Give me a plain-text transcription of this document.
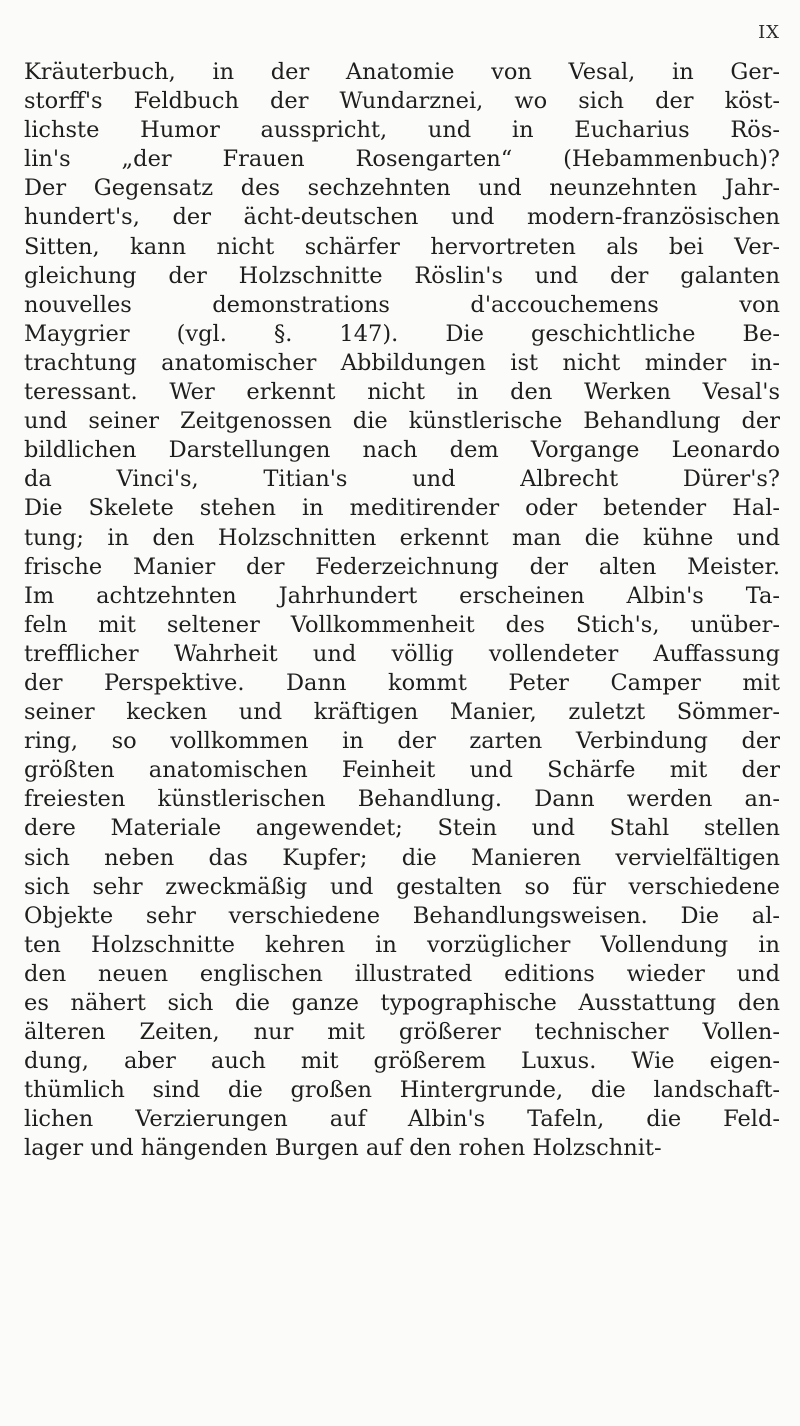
IX
Kräuterbuch, in der Anatomie von Vesal, in Ger-
storff's Feldbuch der Wundarznei, wo sich der köst-
lichste Humor ausspricht, und in Eucharius Rös-
lin's „der Frauen Rosengarten“ (Hebammenbuch)?
Der Gegensatz des sechzehnten und neunzehnten Jahr-
hundert's, der ächt-deutschen und modern-französischen
Sitten, kann nicht schärfer hervortreten als bei Ver-
gleichung der Holzschnitte Röslin's und der galanten
nouvelles demonstrations d'accouchemens von
Maygrier (vgl. §. 147). Die geschichtliche Be-
trachtung anatomischer Abbildungen ist nicht minder in-
teressant. Wer erkennt nicht in den Werken Vesal's
und seiner Zeitgenossen die künstlerische Behandlung der
bildlichen Darstellungen nach dem Vorgange Leonardo
da Vinci's, Titian's und Albrecht Dürer's?
Die Skelete stehen in meditirender oder betender Hal-
tung; in den Holzschnitten erkennt man die kühne und
frische Manier der Federzeichnung der alten Meister.
Im achtzehnten Jahrhundert erscheinen Albin's Ta-
feln mit seltener Vollkommenheit des Stich's, unüber-
trefflicher Wahrheit und völlig vollendeter Auffassung
der Perspektive. Dann kommt Peter Camper mit
seiner kecken und kräftigen Manier, zuletzt Sömmer-
ring, so vollkommen in der zarten Verbindung der
größten anatomischen Feinheit und Schärfe mit der
freiesten künstlerischen Behandlung. Dann werden an-
dere Materiale angewendet; Stein und Stahl stellen
sich neben das Kupfer; die Manieren vervielfältigen
sich sehr zweckmäßig und gestalten so für verschiedene
Objekte sehr verschiedene Behandlungsweisen. Die al-
ten Holzschnitte kehren in vorzüglicher Vollendung in
den neuen englischen illustrated editions wieder und
es nähert sich die ganze typographische Ausstattung den
älteren Zeiten, nur mit größerer technischer Vollen-
dung, aber auch mit größerem Luxus. Wie eigen-
thümlich sind die großen Hintergrunde, die landschaft-
lichen Verzierungen auf Albin's Tafeln, die Feld-
lager und hängenden Burgen auf den rohen Holzschnit-
